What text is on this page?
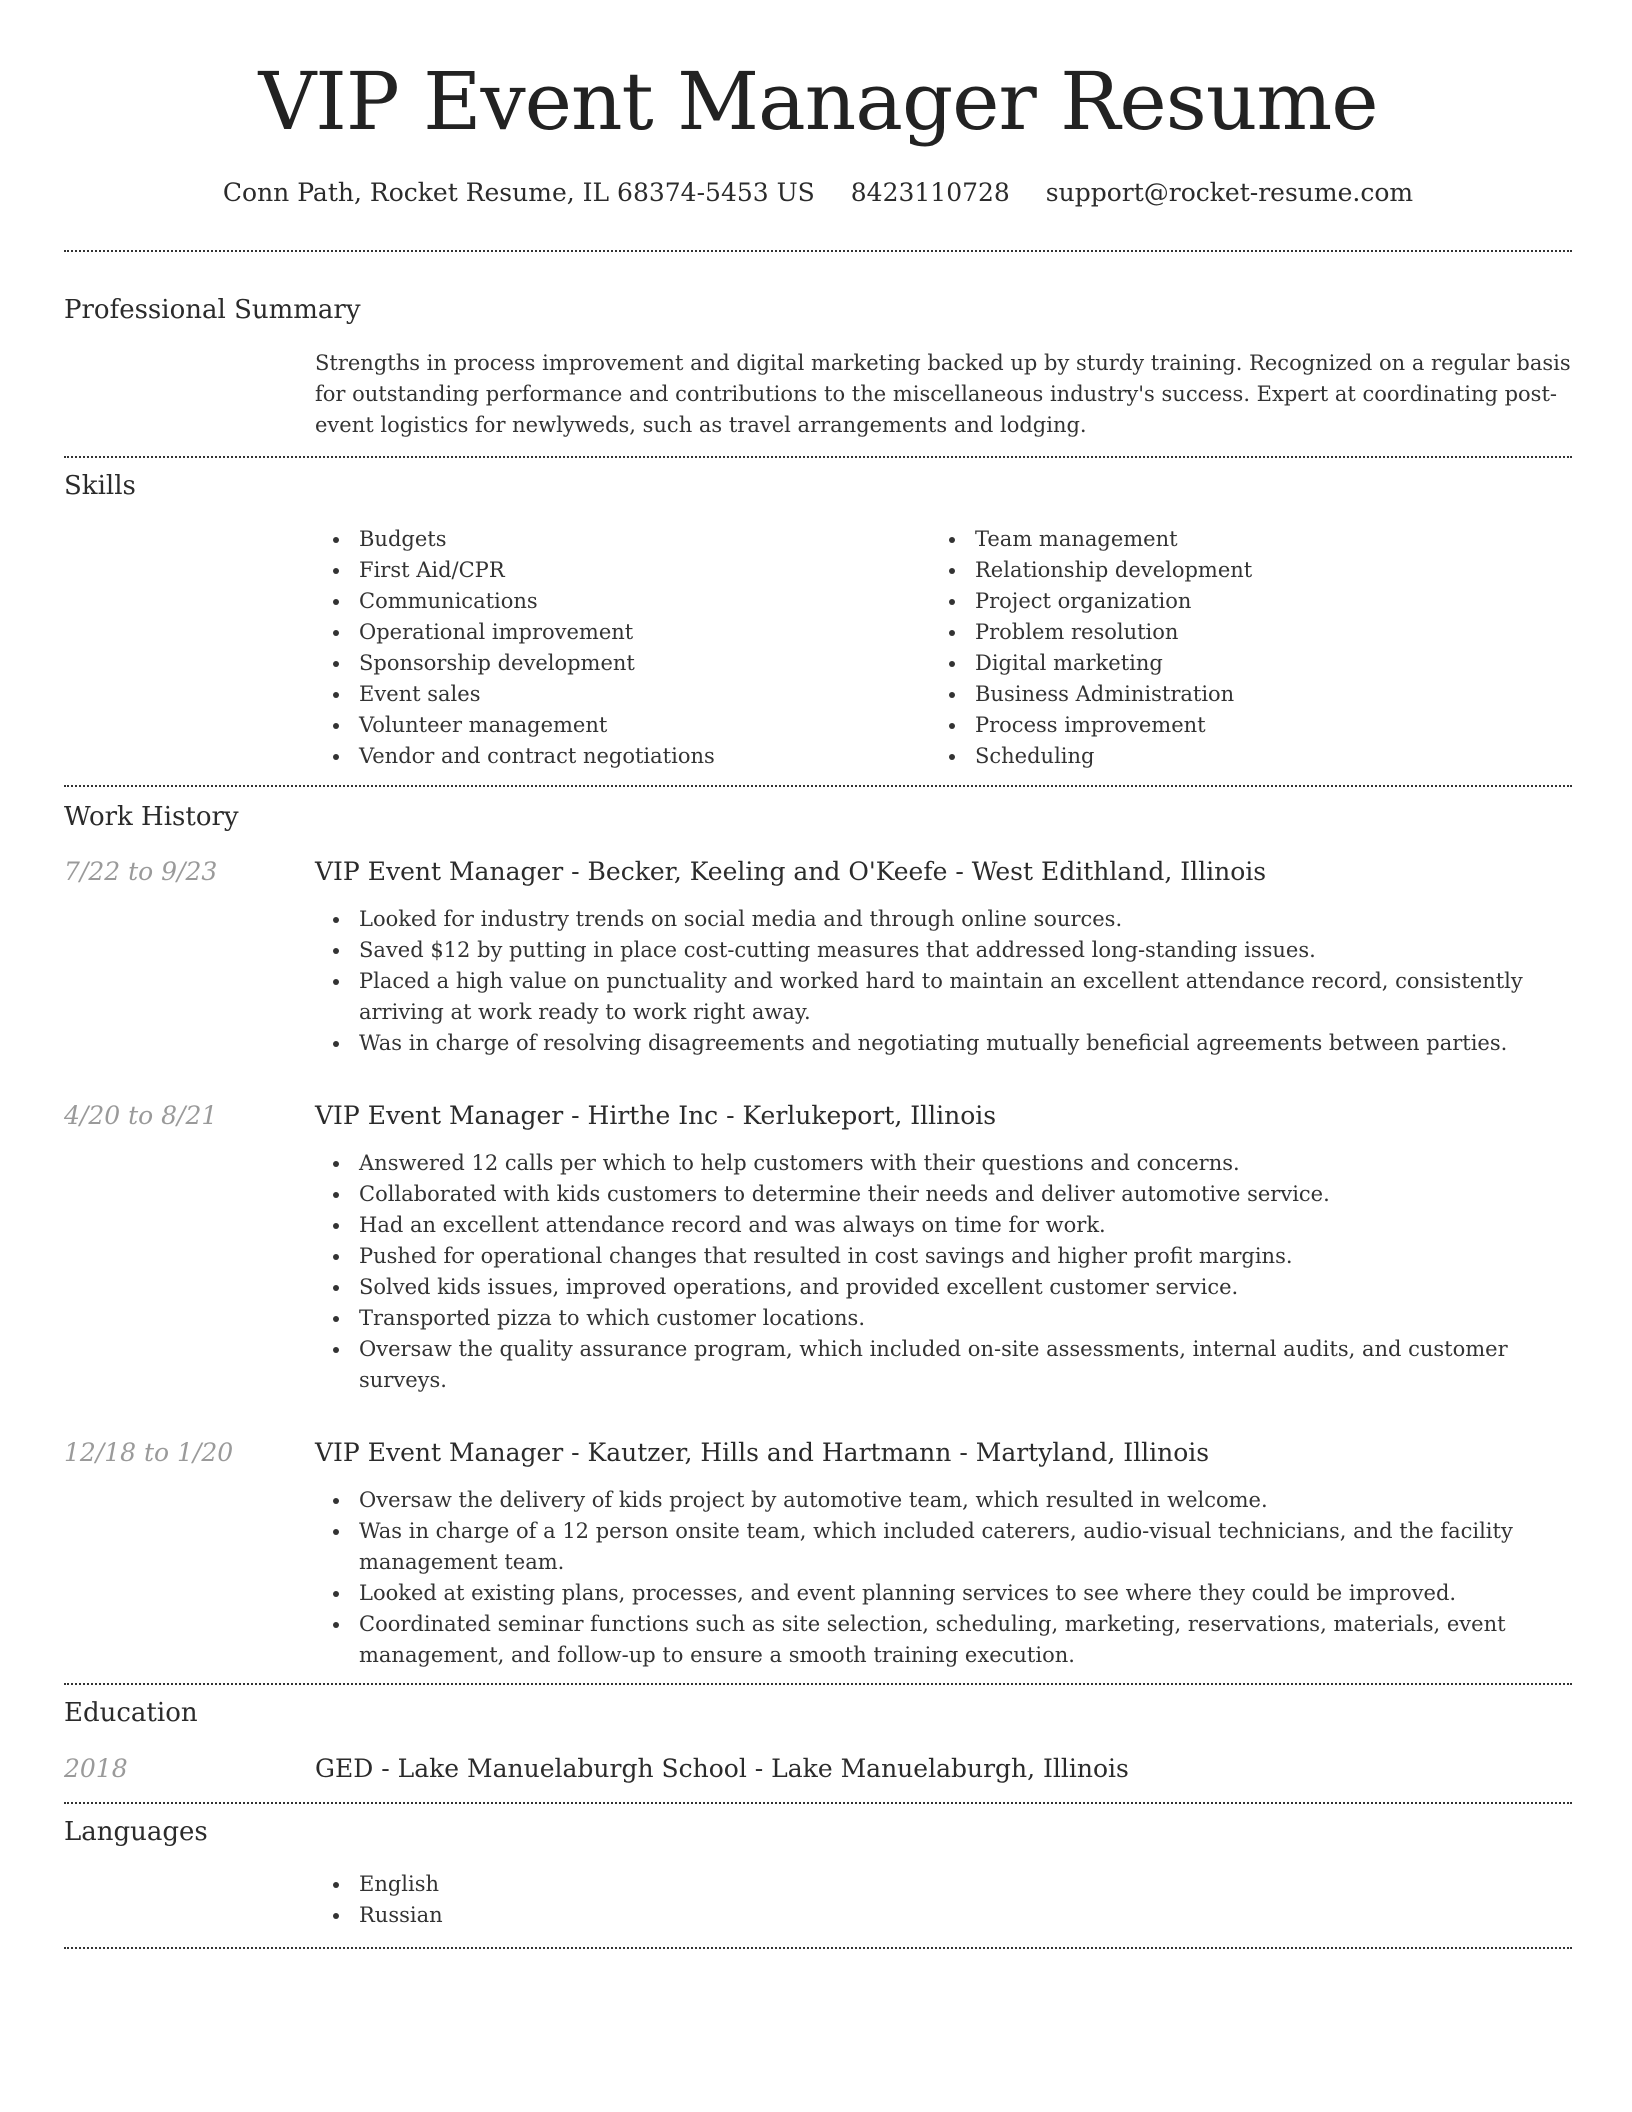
VIP Event Manager Resume
Conn Path, Rocket Resume, IL 68374-5453 US 8423110728 support@rocket-resume.com
Professional Summary

Strengths in process improvement and digital marketing backed up by sturdy training. Recognized on a regular basis for outstanding performance and contributions to the miscellaneous industry's success. Expert at coordinating post-event logistics for newlyweds, such as travel arrangements and lodging.

Skills
Budgets
First Aid/CPR
Communications
Operational improvement
Sponsorship development
Event sales
Volunteer management
Vendor and contract negotiations
Team management
Relationship development
Project organization
Problem resolution
Digital marketing
Business Administration
Process improvement
Scheduling
Work History
7/22 to 9/23	VIP Event Manager - Becker, Keeling and O'Keefe - West Edithland, Illinois
Looked for industry trends on social media and through online sources.
Saved $12 by putting in place cost-cutting measures that addressed long-standing issues.
Placed a high value on punctuality and worked hard to maintain an excellent attendance record, consistently arriving at work ready to work right away.
Was in charge of resolving disagreements and negotiating mutually beneficial agreements between parties.
4/20 to 8/21	VIP Event Manager - Hirthe Inc - Kerlukeport, Illinois
Answered 12 calls per which to help customers with their questions and concerns.
Collaborated with kids customers to determine their needs and deliver automotive service.
Had an excellent attendance record and was always on time for work.
Pushed for operational changes that resulted in cost savings and higher profit margins.
Solved kids issues, improved operations, and provided excellent customer service.
Transported pizza to which customer locations.
Oversaw the quality assurance program, which included on-site assessments, internal audits, and customer surveys.
12/18 to 1/20	VIP Event Manager - Kautzer, Hills and Hartmann - Martyland, Illinois
Oversaw the delivery of kids project by automotive team, which resulted in welcome.
Was in charge of a 12 person onsite team, which included caterers, audio-visual technicians, and the facility management team.
Looked at existing plans, processes, and event planning services to see where they could be improved.
Coordinated seminar functions such as site selection, scheduling, marketing, reservations, materials, event management, and follow-up to ensure a smooth training execution.
Education
2018	GED - Lake Manuelaburgh School - Lake Manuelaburgh, Illinois
Languages
English
Russian
